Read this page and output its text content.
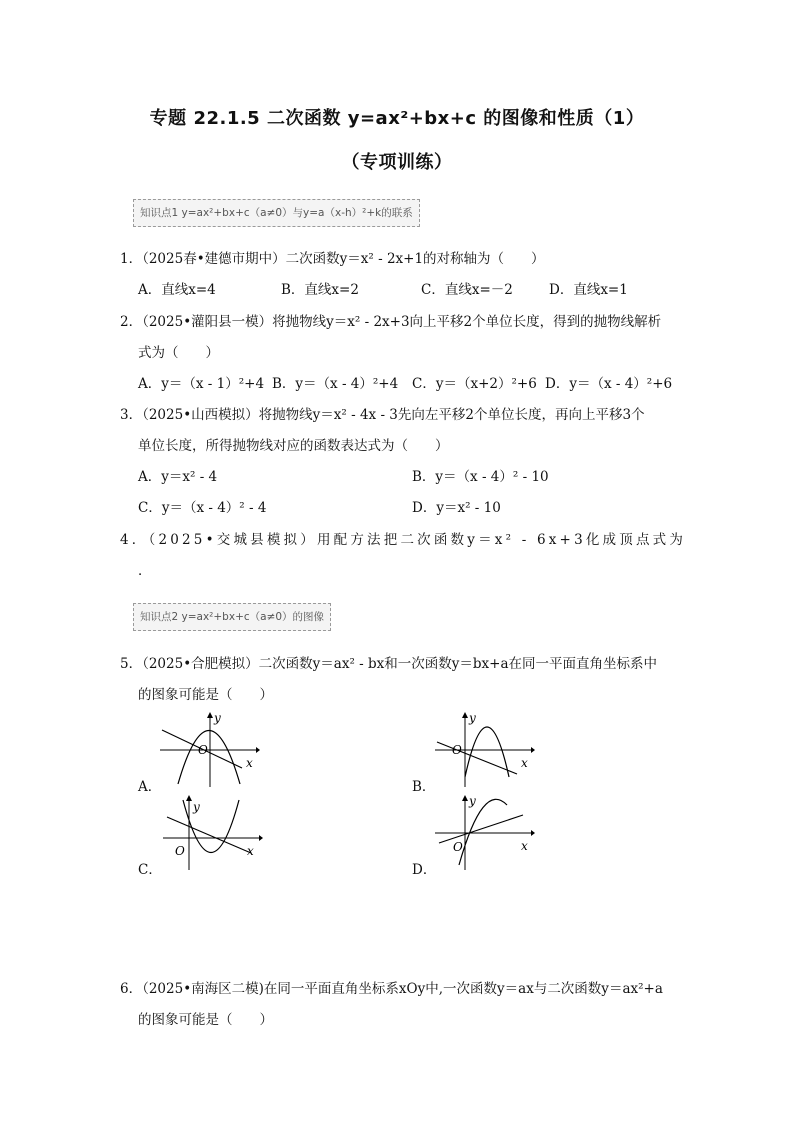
专题 22.1.5 二次函数 y=ax²+bx+c 的图像和性质（1）
（专项训练）
知识点1 y=ax²+bx+c（a≠0）与y=a（x-h）²+k的联系
1．（2025春•建德市期中）二次函数y＝x² - 2x+1的对称轴为（　　）
A．直线x=4	B．直线x=2	C．直线x=－2	D．直线x=1
2．（2025•灌阳县一模）将抛物线y＝x² - 2x+3向上平移2个单位长度，得到的抛物线解析
式为（　　）
A．y＝（x - 1）²+4 B．y＝（x - 4）²+4 C．y＝（x+2）²+6 D．y＝（x - 4）²+6
3．（2025•山西模拟）将抛物线y＝x² - 4x - 3先向左平移2个单位长度，再向上平移3个
单位长度，所得抛物线对应的函数表达式为（　　）
A．y＝x² - 4	B．y＝（x - 4）² - 10
C．y＝（x - 4）² - 4	D．y＝x² - 10
4．（2025•交城县模拟）用配方法把二次函数y＝x² - 6x+3化成顶点式为
．
知识点2 y=ax²+bx+c（a≠0）的图像
5．（2025•合肥模拟）二次函数y＝ax² - bx和一次函数y＝bx+a在同一平面直角坐标系中
的图象可能是（　　）
A．
y
x
O
B．
y
x
O
C．
y
x
O
D．
y
x
O
6．（2025•南海区二模)在同一平面直角坐标系xOy中,一次函数y＝ax与二次函数y＝ax²+a
的图象可能是（　　）
